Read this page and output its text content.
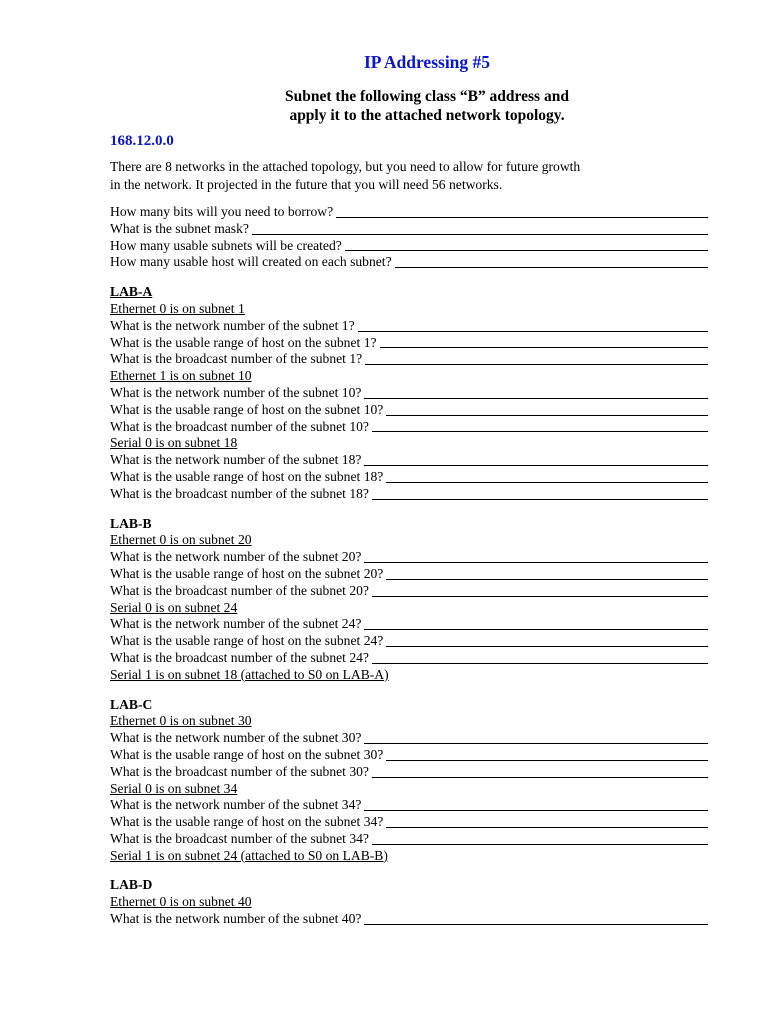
IP Addressing #5
Subnet the following class “B” address and
apply it to the attached network topology.
168.12.0.0
There are 8 networks in the attached topology, but you need to allow for future growth
in the network. It projected in the future that you will need 56 networks.
How many bits will you need to borrow?
What is the subnet mask?
How many usable subnets will be created?
How many usable host will created on each subnet?
LAB-A
Ethernet 0 is on subnet 1
What is the network number of the subnet 1?
What is the usable range of host on the subnet 1?
What is the broadcast number of the subnet 1?
Ethernet 1 is on subnet 10
What is the network number of the subnet 10?
What is the usable range of host on the subnet 10?
What is the broadcast number of the subnet 10?
Serial 0 is on subnet 18
What is the network number of the subnet 18?
What is the usable range of host on the subnet 18?
What is the broadcast number of the subnet 18?
LAB-B
Ethernet 0 is on subnet 20
What is the network number of the subnet 20?
What is the usable range of host on the subnet 20?
What is the broadcast number of the subnet 20?
Serial 0 is on subnet 24
What is the network number of the subnet 24?
What is the usable range of host on the subnet 24?
What is the broadcast number of the subnet 24?
Serial 1 is on subnet 18 (attached to S0 on LAB-A)
LAB-C
Ethernet 0 is on subnet 30
What is the network number of the subnet 30?
What is the usable range of host on the subnet 30?
What is the broadcast number of the subnet 30?
Serial 0 is on subnet 34
What is the network number of the subnet 34?
What is the usable range of host on the subnet 34?
What is the broadcast number of the subnet 34?
Serial 1 is on subnet 24 (attached to S0 on LAB-B)
LAB-D
Ethernet 0 is on subnet 40
What is the network number of the subnet 40?
